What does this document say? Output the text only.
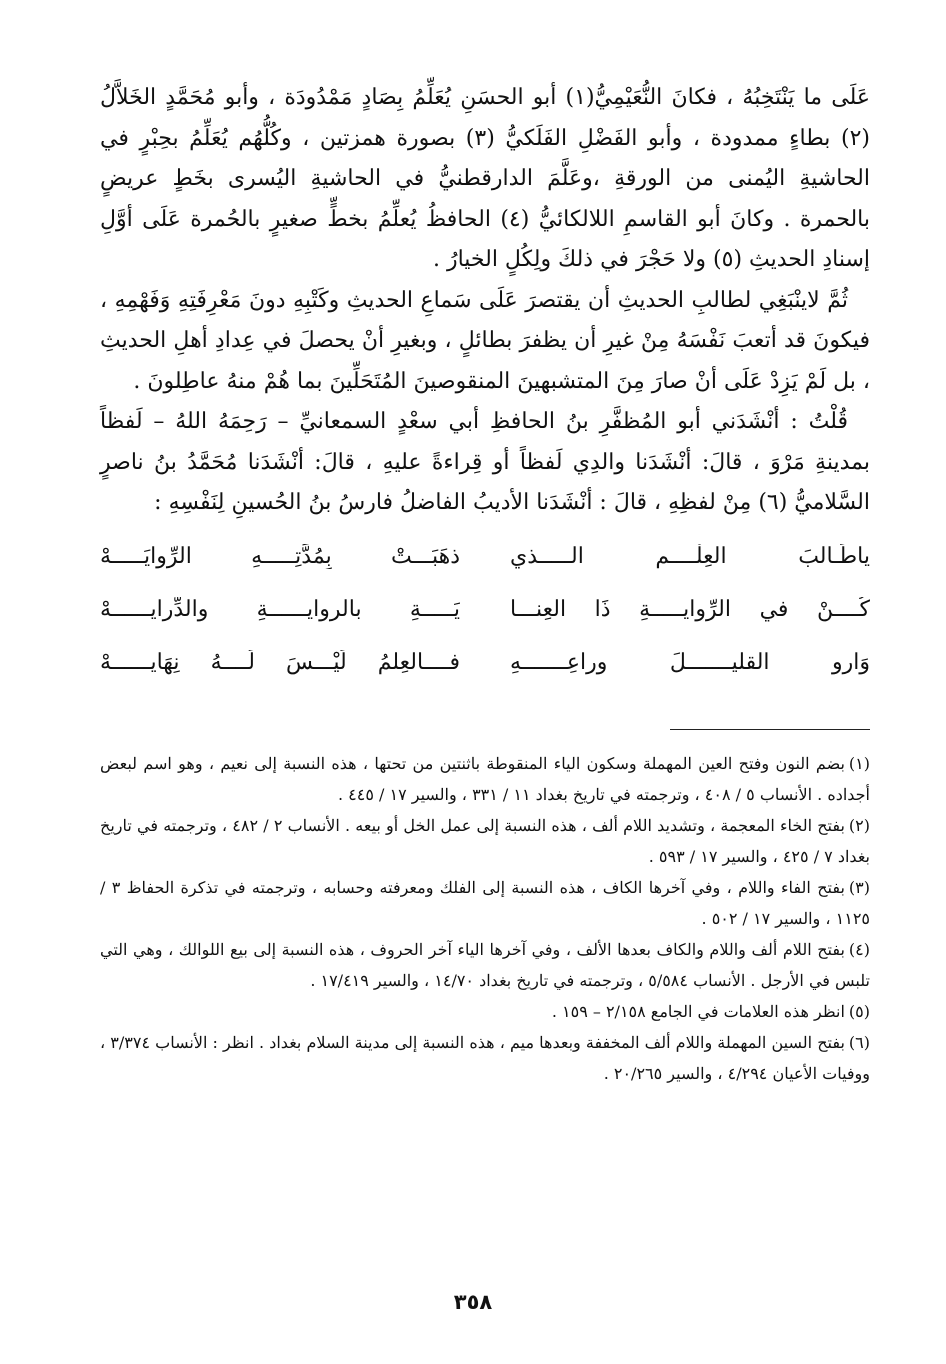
عَلَى ما يَنْتَخِبُهُ ، فكانَ النُّعَيْمِيُّ(١) أبو الحسَنِ يُعَلِّمُ بِصَادٍ مَمْدُودَة ، وأبو مُحَمَّدٍ الخَلاَّلُ (٢) بطاءٍ ممدودة ، وأبو الفَضْلِ الفَلَكيُّ (٣) بصورة همزتين ، وكُلُّهُم يُعَلِّمُ بحِبْرٍ في الحاشيةِ اليُمنى من الورقةِ ،وعَلَّمَ الدارقطنيُّ في الحاشيةِ اليُسرى بخَطٍ عريضٍ بالحمرة . وكانَ أبو القاسمِ اللالكائيُّ (٤) الحافظُ يُعلِّمُ بخطٍّ صغيرٍ بالحُمرة عَلَى أوَّلِ إسنادِ الحديثِ (٥) ولا حَجْرَ في ذلكَ ولِكُلٍ الخيارُ .

ثُمَّ لاينْبَغِي لطالبِ الحديثِ أن يقتصرَ عَلَى سَماعِ الحديثِ وكَتْبِهِ دونَ مَعْرِفَتِهِ وَفَهْمِهِ ، فيكونَ قد أتعبَ نَفْسَهُ مِنْ غيرِ أن يظفرَ بطائلٍ ، وبغيرِ أنْ يحصلَ في عِدادِ أهلِ الحديثِ ، بل لَمْ يَزِدْ عَلَى أنْ صارَ مِنَ المتشبهينَ المنقوصينَ المُتَحَلِّينَ بما هُمْ منهُ عاطِلونَ .

قُلْتُ : أنْشَدَني أبو المُظفَّرِ بنُ الحافظِ أبي سعْدٍ السمعانيِّ – رَحِمَهُ اللهُ – لَفظاً بمدينةِ مَرْوَ ، قالَ: أنْشَدَنا والدِي لَفظاً أو قِراءةً عليهِ ، قالَ: أنْشَدَنا مُحَمَّدُ بنُ ناصرٍ السَّلاميُّ (٦) مِنْ لفظِهِ ، قالَ : أنْشَدَنا الأديبُ الفاضلُ فارسُ بنُ الحُسينِ لِنَفْسِهِ :

ياطَـالبَ العِلْــــم الـــــذي
ذهَبَـــتْ بِمُدَّتِـــــهِ الرِّوايَـــــهْ
كُــــنْ في الرِّوايـــــةِ ذَا العِنـــا
يَـــــةِ بالروايــــــةِ والدِّرايــــــهْ
وَارو القليـــــــلَ وراعِـــــــهِ
فــــالعِلمُ لَيْـــسَ لَــــهُ نِهَايــــــهْ

(١)بضم النون وفتح العين المهملة وسكون الياء المنقوطة باثنتين من تحتها ، هذه النسبة إلى نعيم ، وهو اسم لبعض أجداده . الأنساب ٥ / ٤٠٨ ، وترجمته في تاريخ بغداد ١١ / ٣٣١ ، والسير ١٧ / ٤٤٥ .

(٢)بفتح الخاء المعجمة ، وتشديد اللام ألف ، هذه النسبة إلى عمل الخل أو بيعه . الأنساب ٢ / ٤٨٢ ، وترجمته في تاريخ بغداد ٧ / ٤٢٥ ، والسير ١٧ / ٥٩٣ .

(٣)بفتح الفاء واللام ، وفي آخرها الكاف ، هذه النسبة إلى الفلك ومعرفته وحسابه ، وترجمته في تذكرة الحفاظ ٣ / ١١٢٥ ، والسير ١٧ / ٥٠٢ .

(٤)بفتح اللام ألف واللام والكاف بعدها الألف ، وفي آخرها الياء آخر الحروف ، هذه النسبة إلى بيع اللوالك ، وهي التي تلبس في الأرجل . الأنساب ٥/٥٨٤ ، وترجمته في تاريخ بغداد ١٤/٧٠ ، والسير ١٧/٤١٩ .

(٥)انظر هذه العلامات في الجامع ٢/١٥٨ – ١٥٩ .

(٦)بفتح السين المهملة واللام ألف المخففة وبعدها ميم ، هذه النسبة إلى مدينة السلام بغداد . انظر : الأنساب ٣/٣٧٤ ، ووفيات الأعيان ٤/٢٩٤ ، والسير ٢٠/٢٦٥ .

٣٥٨
